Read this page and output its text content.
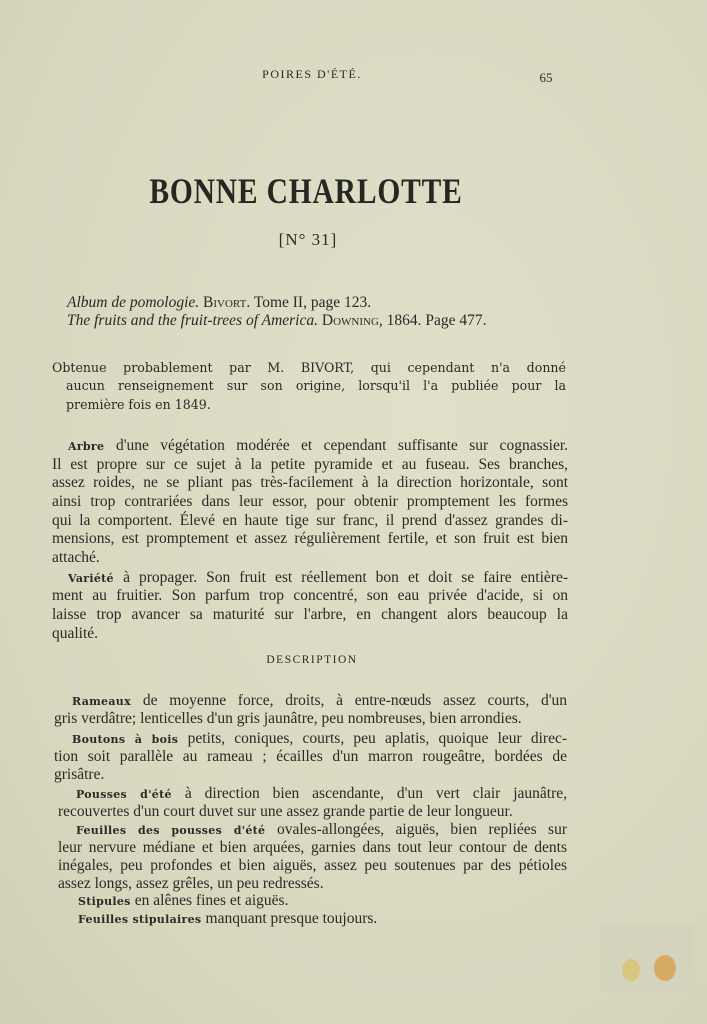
POIRES D'ÉTÉ.	65
BONNE CHARLOTTE
[N° 31]
Album de pomologie. Bivort. Tome II, page 123.
The fruits and the fruit-trees of America. Downing, 1864. Page 477.
Obtenue probablement par M. BIVORT, qui cependant n'a donné
aucun renseignement sur son origine, lorsqu'il l'a publiée pour la
première fois en 1849.
Arbre d'une végétation modérée et cependant suffisante sur cognassier.
Il est propre sur ce sujet à la petite pyramide et au fuseau. Ses branches,
assez roides, ne se pliant pas très-facilement à la direction horizontale, sont
ainsi trop contrariées dans leur essor, pour obtenir promptement les formes
qui la comportent. Élevé en haute tige sur franc, il prend d'assez grandes di-
mensions, est promptement et assez régulièrement fertile, et son fruit est bien
attaché.
Variété à propager. Son fruit est réellement bon et doit se faire entière-
ment au fruitier. Son parfum trop concentré, son eau privée d'acide, si on
laisse trop avancer sa maturité sur l'arbre, en changent alors beaucoup la
qualité.
Rameaux de moyenne force, droits, à entre-nœuds assez courts, d'un
gris verdâtre; lenticelles d'un gris jaunâtre, peu nombreuses, bien arrondies.
Boutons à bois petits, coniques, courts, peu aplatis, quoique leur direc-
tion soit parallèle au rameau ; écailles d'un marron rougeâtre, bordées de
grisâtre.
Pousses d'été à direction bien ascendante, d'un vert clair jaunâtre,
recouvertes d'un court duvet sur une assez grande partie de leur longueur.
Feuilles des pousses d'été ovales-allongées, aiguës, bien repliées sur
leur nervure médiane et bien arquées, garnies dans tout leur contour de dents
inégales, peu profondes et bien aiguës, assez peu soutenues par des pétioles
assez longs, assez grêles, un peu redressés.
Stipules en alênes fines et aiguës.
Feuilles stipulaires manquant presque toujours.
DESCRIPTION
